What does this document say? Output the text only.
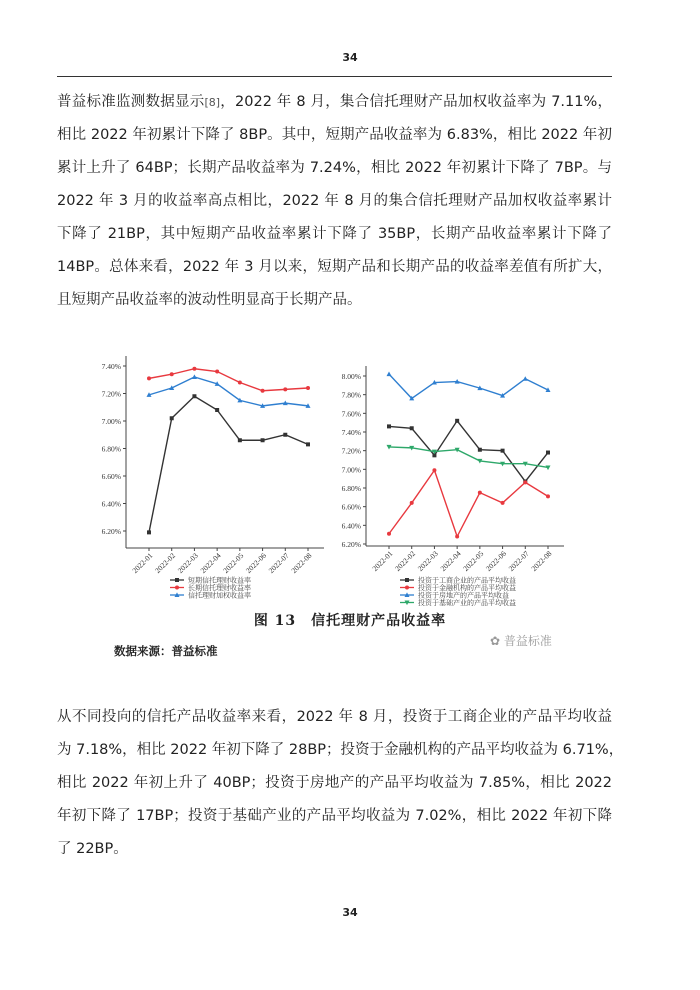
34
普益标准监测数据显示[8]，2022 年 8 月，集合信托理财产品加权收益率为 7.11%，
相比 2022 年初累计下降了 8BP。其中，短期产品收益率为 6.83%，相比 2022 年初
累计上升了 64BP；长期产品收益率为 7.24%，相比 2022 年初累计下降了 7BP。与
2022 年 3 月的收益率高点相比，2022 年 8 月的集合信托理财产品加权收益率累计
下降了 21BP，其中短期产品收益率累计下降了 35BP，长期产品收益率累计下降了
14BP。总体来看，2022 年 3 月以来，短期产品和长期产品的收益率差值有所扩大，
且短期产品收益率的波动性明显高于长期产品。
6.20%
6.40%
6.60%
6.80%
7.00%
7.20%
7.40%
2022-01
2022-02
2022-03
2022-04
2022-05
2022-06
2022-07
2022-08
短期信托理财收益率
长期信托理财收益率
信托理财加权收益率
6.20%
6.40%
6.60%
6.80%
7.00%
7.20%
7.40%
7.60%
7.80%
8.00%
2022-01
2022-02
2022-03
2022-04
2022-05
2022-06
2022-07
2022-08
投资于工商企业的产品平均收益
投资于金融机构的产品平均收益
投资于房地产的产品平均收益
投资于基础产业的产品平均收益
图 13　信托理财产品收益率
数据来源：普益标准
✿ 普益标准
从不同投向的信托产品收益率来看，2022 年 8 月，投资于工商企业的产品平均收益
为 7.18%，相比 2022 年初下降了 28BP；投资于金融机构的产品平均收益为 6.71%，
相比 2022 年初上升了 40BP；投资于房地产的产品平均收益为 7.85%，相比 2022
年初下降了 17BP；投资于基础产业的产品平均收益为 7.02%，相比 2022 年初下降
了 22BP。
34
